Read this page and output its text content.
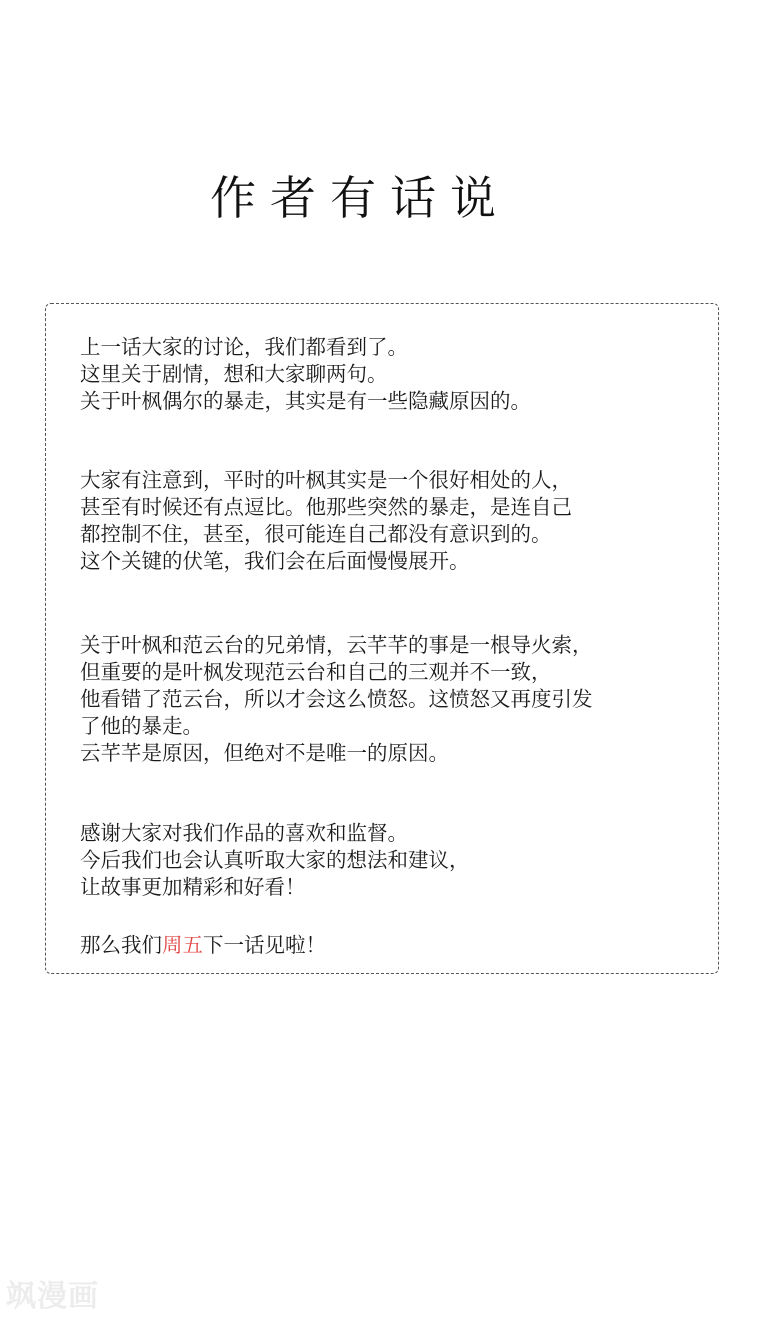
作者有话说
上一话大家的讨论，我们都看到了。
这里关于剧情，想和大家聊两句。
关于叶枫偶尔的暴走，其实是有一些隐藏原因的。
大家有注意到，平时的叶枫其实是一个很好相处的人，
甚至有时候还有点逗比。他那些突然的暴走，是连自己
都控制不住，甚至，很可能连自己都没有意识到的。
这个关键的伏笔，我们会在后面慢慢展开。
关于叶枫和范云台的兄弟情，云芊芊的事是一根导火索，
但重要的是叶枫发现范云台和自己的三观并不一致，
他看错了范云台，所以才会这么愤怒。这愤怒又再度引发
了他的暴走。
云芊芊是原因，但绝对不是唯一的原因。
感谢大家对我们作品的喜欢和监督。
今后我们也会认真听取大家的想法和建议，
让故事更加精彩和好看！
那么我们周五下一话见啦！
飒漫画
